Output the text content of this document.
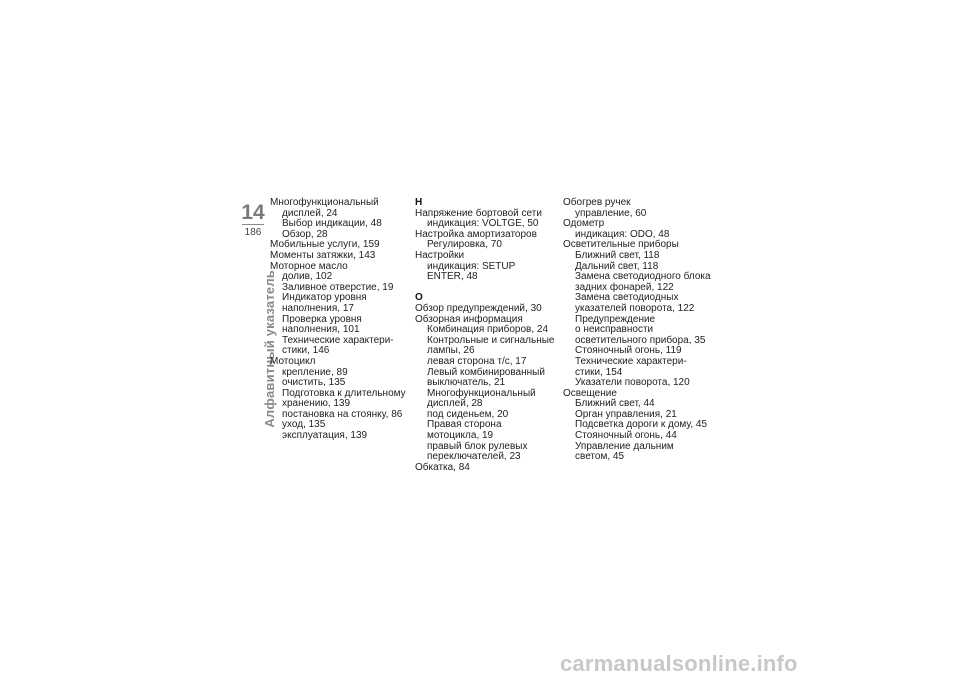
14
186
Алфавитный указатель
Многофункциональный
дисплей, 24
Выбор индикации, 48
Обзор, 28
Мобильные услуги, 159
Моменты затяжки, 143
Моторное масло
долив, 102
Заливное отверстие, 19
Индикатор уровня
наполнения, 17
Проверка уровня
наполнения, 101
Технические характери-
стики, 146
Мотоцикл
крепление, 89
очистить, 135
Подготовка к длительному
хранению, 139
постановка на стоянку, 86
уход, 135
эксплуатация, 139
Н
Напряжение бортовой сети
индикация: VOLTGE, 50
Настройка амортизаторов
Регулировка, 70
Настройки
индикация: SETUP
ENTER, 48
О
Обзор предупреждений, 30
Обзорная информация
Комбинация приборов, 24
Контрольные и сигнальные
лампы, 26
левая сторона т/с, 17
Левый комбинированный
выключатель, 21
Многофункциональный
дисплей, 28
под сиденьем, 20
Правая сторона
мотоцикла, 19
правый блок рулевых
переключателей, 23
Обкатка, 84
Обогрев ручек
управление, 60
Одометр
индикация: ODO, 48
Осветительные приборы
Ближний свет, 118
Дальний свет, 118
Замена светодиодного блока
задних фонарей, 122
Замена светодиодных
указателей поворота, 122
Предупреждение
о неисправности
осветительного прибора, 35
Стояночный огонь, 119
Технические характери-
стики, 154
Указатели поворота, 120
Освещение
Ближний свет, 44
Орган управления, 21
Подсветка дороги к дому, 45
Стояночный огонь, 44
Управление дальним
светом, 45
carmanualsonline.info
